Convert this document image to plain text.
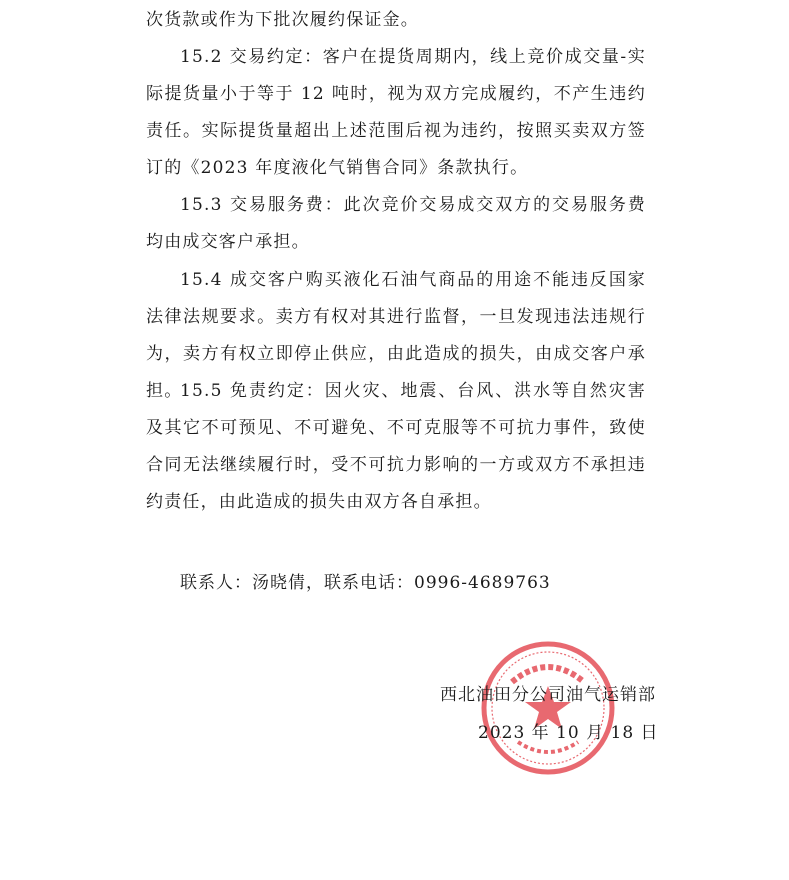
次货款或作为下批次履约保证金。

15.2 交易约定：客户在提货周期内，线上竞价成交量-实际提货量小于等于 12 吨时，视为双方完成履约，不产生违约责任。实际提货量超出上述范围后视为违约，按照买卖双方签订的《2023 年度液化气销售合同》条款执行。

15.3 交易服务费：此次竞价交易成交双方的交易服务费均由成交客户承担。

15.4 成交客户购买液化石油气商品的用途不能违反国家法律法规要求。卖方有权对其进行监督，一旦发现违法违规行为，卖方有权立即停止供应，由此造成的损失，由成交客户承担。

15.5 免责约定：因火灾、地震、台风、洪水等自然灾害及其它不可预见、不可避免、不可克服等不可抗力事件，致使合同无法继续履行时，受不可抗力影响的一方或双方不承担违约责任，由此造成的损失由双方各自承担。

联系人：汤晓倩，联系电话：0996-4689763
西北油田分公司油气运销部
2023 年 10 月 18 日
